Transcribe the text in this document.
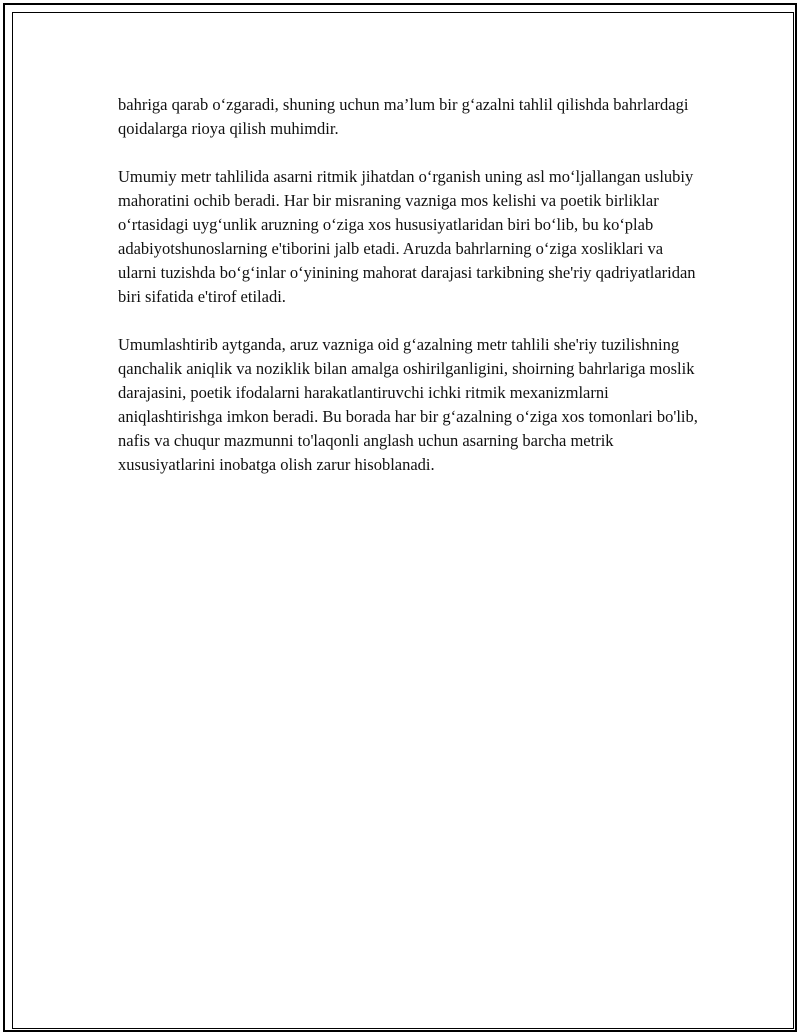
bahriga qarab o‘zgaradi, shuning uchun ma’lum bir g‘azalni tahlil qilishda bahrlardagi qoidalarga rioya qilish muhimdir.

Umumiy metr tahlilida asarni ritmik jihatdan o‘rganish uning asl mo‘ljallangan uslubiy mahoratini ochib beradi. Har bir misraning vazniga mos kelishi va poetik birliklar o‘rtasidagi uyg‘unlik aruzning o‘ziga xos hususiyatlaridan biri bo‘lib, bu ko‘plab adabiyotshunoslarning e'tiborini jalb etadi. Aruzda bahrlarning o‘ziga xosliklari va ularni tuzishda bo‘g‘inlar o‘yinining mahorat darajasi tarkibning she'riy qadriyatlaridan biri sifatida e'tirof etiladi.

Umumlashtirib aytganda, aruz vazniga oid g‘azalning metr tahlili she'riy tuzilishning qanchalik aniqlik va noziklik bilan amalga oshirilganligini, shoirning bahrlariga moslik darajasini, poetik ifodalarni harakatlantiruvchi ichki ritmik mexanizmlarni aniqlashtirishga imkon beradi. Bu borada har bir g‘azalning o‘ziga xos tomonlari bo'lib, nafis va chuqur mazmunni to'laqonli anglash uchun asarning barcha metrik xususiyatlarini inobatga olish zarur hisoblanadi.
